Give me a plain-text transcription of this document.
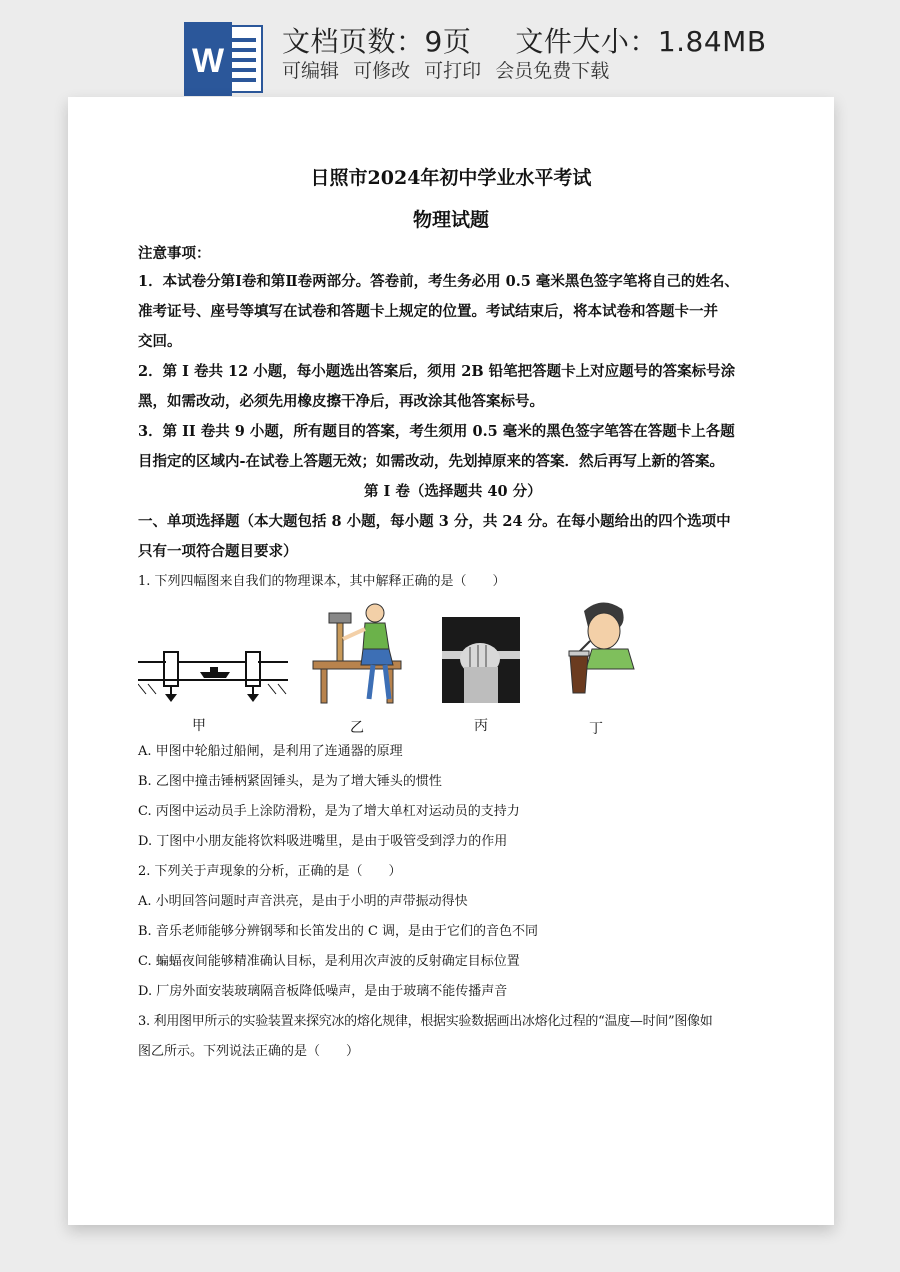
W
文档页数：9页 文件大小：1.84MB
可编辑 可修改 可打印 会员免费下载
日照市2024年初中学业水平考试
物理试题
注意事项：
1．本试卷分第Ⅰ卷和第Ⅱ卷两部分。答卷前，考生务必用 0.5 毫米黑色签字笔将自己的姓名、
准考证号、座号等填写在试卷和答题卡上规定的位置。考试结束后，将本试卷和答题卡一并
交回。
2．第 I 卷共 12 小题，每小题选出答案后，须用 2B 铅笔把答题卡上对应题号的答案标号涂
黑，如需改动，必须先用橡皮擦干净后，再改涂其他答案标号。
3．第 II 卷共 9 小题，所有题目的答案，考生须用 0.5 毫米的黑色签字笔答在答题卡上各题
目指定的区域内-在试卷上答题无效；如需改动，先划掉原来的答案．然后再写上新的答案。
第 I 卷（选择题共 40 分）
一、单项选择题（本大题包括 8 小题，每小题 3 分，共 24 分。在每小题给出的四个选项中
只有一项符合题目要求）
1. 下列四幅图来自我们的物理课本，其中解释正确的是（　　）
甲	乙	丙	丁
A. 甲图中轮船过船闸，是利用了连通器的原理
B. 乙图中撞击锤柄紧固锤头，是为了增大锤头的惯性
C. 丙图中运动员手上涂防滑粉，是为了增大单杠对运动员的支持力
D. 丁图中小朋友能将饮料吸进嘴里，是由于吸管受到浮力的作用
2. 下列关于声现象的分析，正确的是（　　）
A. 小明回答问题时声音洪亮，是由于小明的声带振动得快
B. 音乐老师能够分辨钢琴和长笛发出的 C 调，是由于它们的音色不同
C. 蝙蝠夜间能够精准确认目标，是利用次声波的反射确定目标位置
D. 厂房外面安装玻璃隔音板降低噪声，是由于玻璃不能传播声音
3. 利用图甲所示的实验装置来探究冰的熔化规律，根据实验数据画出冰熔化过程的“温度—时间”图像如
图乙所示。下列说法正确的是（　　）
